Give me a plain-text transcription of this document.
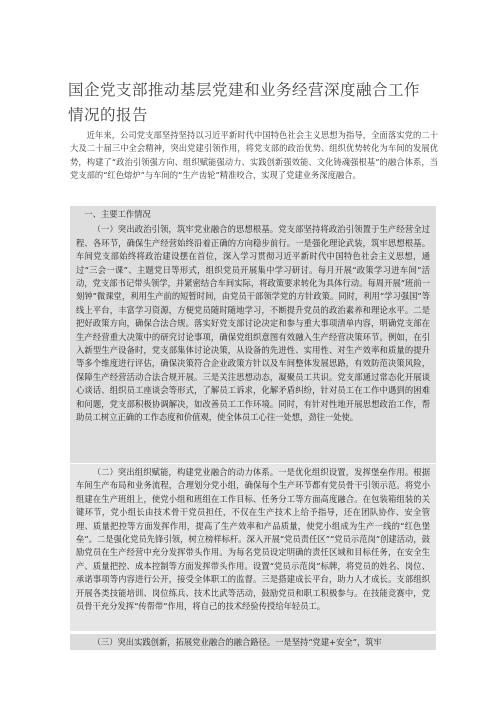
国企党支部推动基层党建和业务经营深度融合工作
情况的报告
近年来，公司党支部坚持坚持以习近平新时代中国特色社会主义思想为指导，全面落实党的二十大及二十届三中全会精神，突出党建引领作用，将党支部的政治优势、组织优势转化为车间的发展优势，构建了“政治引领强方向、组织赋能强动力、实践创新强效能、文化铸魂强根基”的融合体系，当党支部的“红色熔炉”与车间的“生产齿轮”精准咬合，实现了党建业务深度融合。
一、主要工作情况

（一）突出政治引领，筑牢党业融合的思想根基。党支部坚持将政治引领置于生产经营全过程、各环节，确保生产经营始终沿着正确的方向稳步前行。一是强化理论武装，筑牢思想根基。车间党支部始终将政治建设摆在首位，深入学习贯彻习近平新时代中国特色社会主义思想，通过“三会一课”、主题党日等形式，组织党员开展集中学习研讨。每月开展“政策学习进车间”活动，党支部书记带头领学，并紧密结合车间实际，将政策要求转化为具体行动。每周开展“班前一刻钟”微课堂，利用生产前的短暂时间，由党员干部领学党的方针政策。同时，利用“学习强国”等线上平台，丰富学习资源，方便党员随时随地学习，不断提升党员的政治素养和理论水平。二是把好政策方向，确保合法合规。落实好党支部讨论决定和参与重大事项清单内容，明确党支部在生产经营重大决策中的研究讨论事项，确保党组织意图有效融入生产经营决策环节。例如，在引入新型生产设备时，党支部集体讨论决策，从设备的先进性、实用性、对生产效率和质量的提升等多个维度进行评估，确保决策符合企业政策方针以及车间整体发展思路，有效防范决策风险，保障生产经营活动合法合规开展。三是关注思想动态，凝聚员工共识。党支部通过常态化开展谈心谈话、组织员工座谈会等形式，了解员工诉求，化解矛盾纠纷，针对员工在工作中遇到的困难和问题，党支部积极协调解决，如改善员工工作环境。同时，有针对性地开展思想政治工作，帮助员工树立正确的工作态度和价值观，使全体员工心往一处想，劲往一处使。

（二）突出组织赋能，构建党业融合的动力体系。一是优化组织设置，发挥堡垒作用。根据车间生产布局和业务流程，合理划分党小组，确保每个生产环节都有党员骨干引领示范。将党小组建在生产班组上，使党小组和班组在工作目标、任务分工等方面高度融合。在包装箱组装的关键环节，党小组长由技术骨干党员担任，不仅在生产技术上给予指导，还在团队协作、安全管理、质量把控等方面发挥作用，提高了生产效率和产品质量，使党小组成为生产一线的“红色堡垒”。二是强化党员先锋引领，树立榜样标杆。深入开展“党员责任区”“党员示范岗”创建活动，鼓励党员在生产经营中充分发挥带头作用。为每名党员设定明确的责任区域和目标任务，在安全生产、质量把控、成本控制等方面发挥带头作用。设置“党员示范岗”标牌，将党员的姓名、岗位、承诺事项等内容进行公开，接受全体职工的监督。三是搭建成长平台，助力人才成长。支部组织开展各类技能培训、岗位练兵、技术比武等活动，鼓励党员和职工积极参与。在技能竞赛中，党员骨干充分发挥“传帮带”作用，将自己的技术经验传授给年轻员工。

（三）突出实践创新，拓展党业融合的融合路径。一是坚持“党建+安全”，筑牢
